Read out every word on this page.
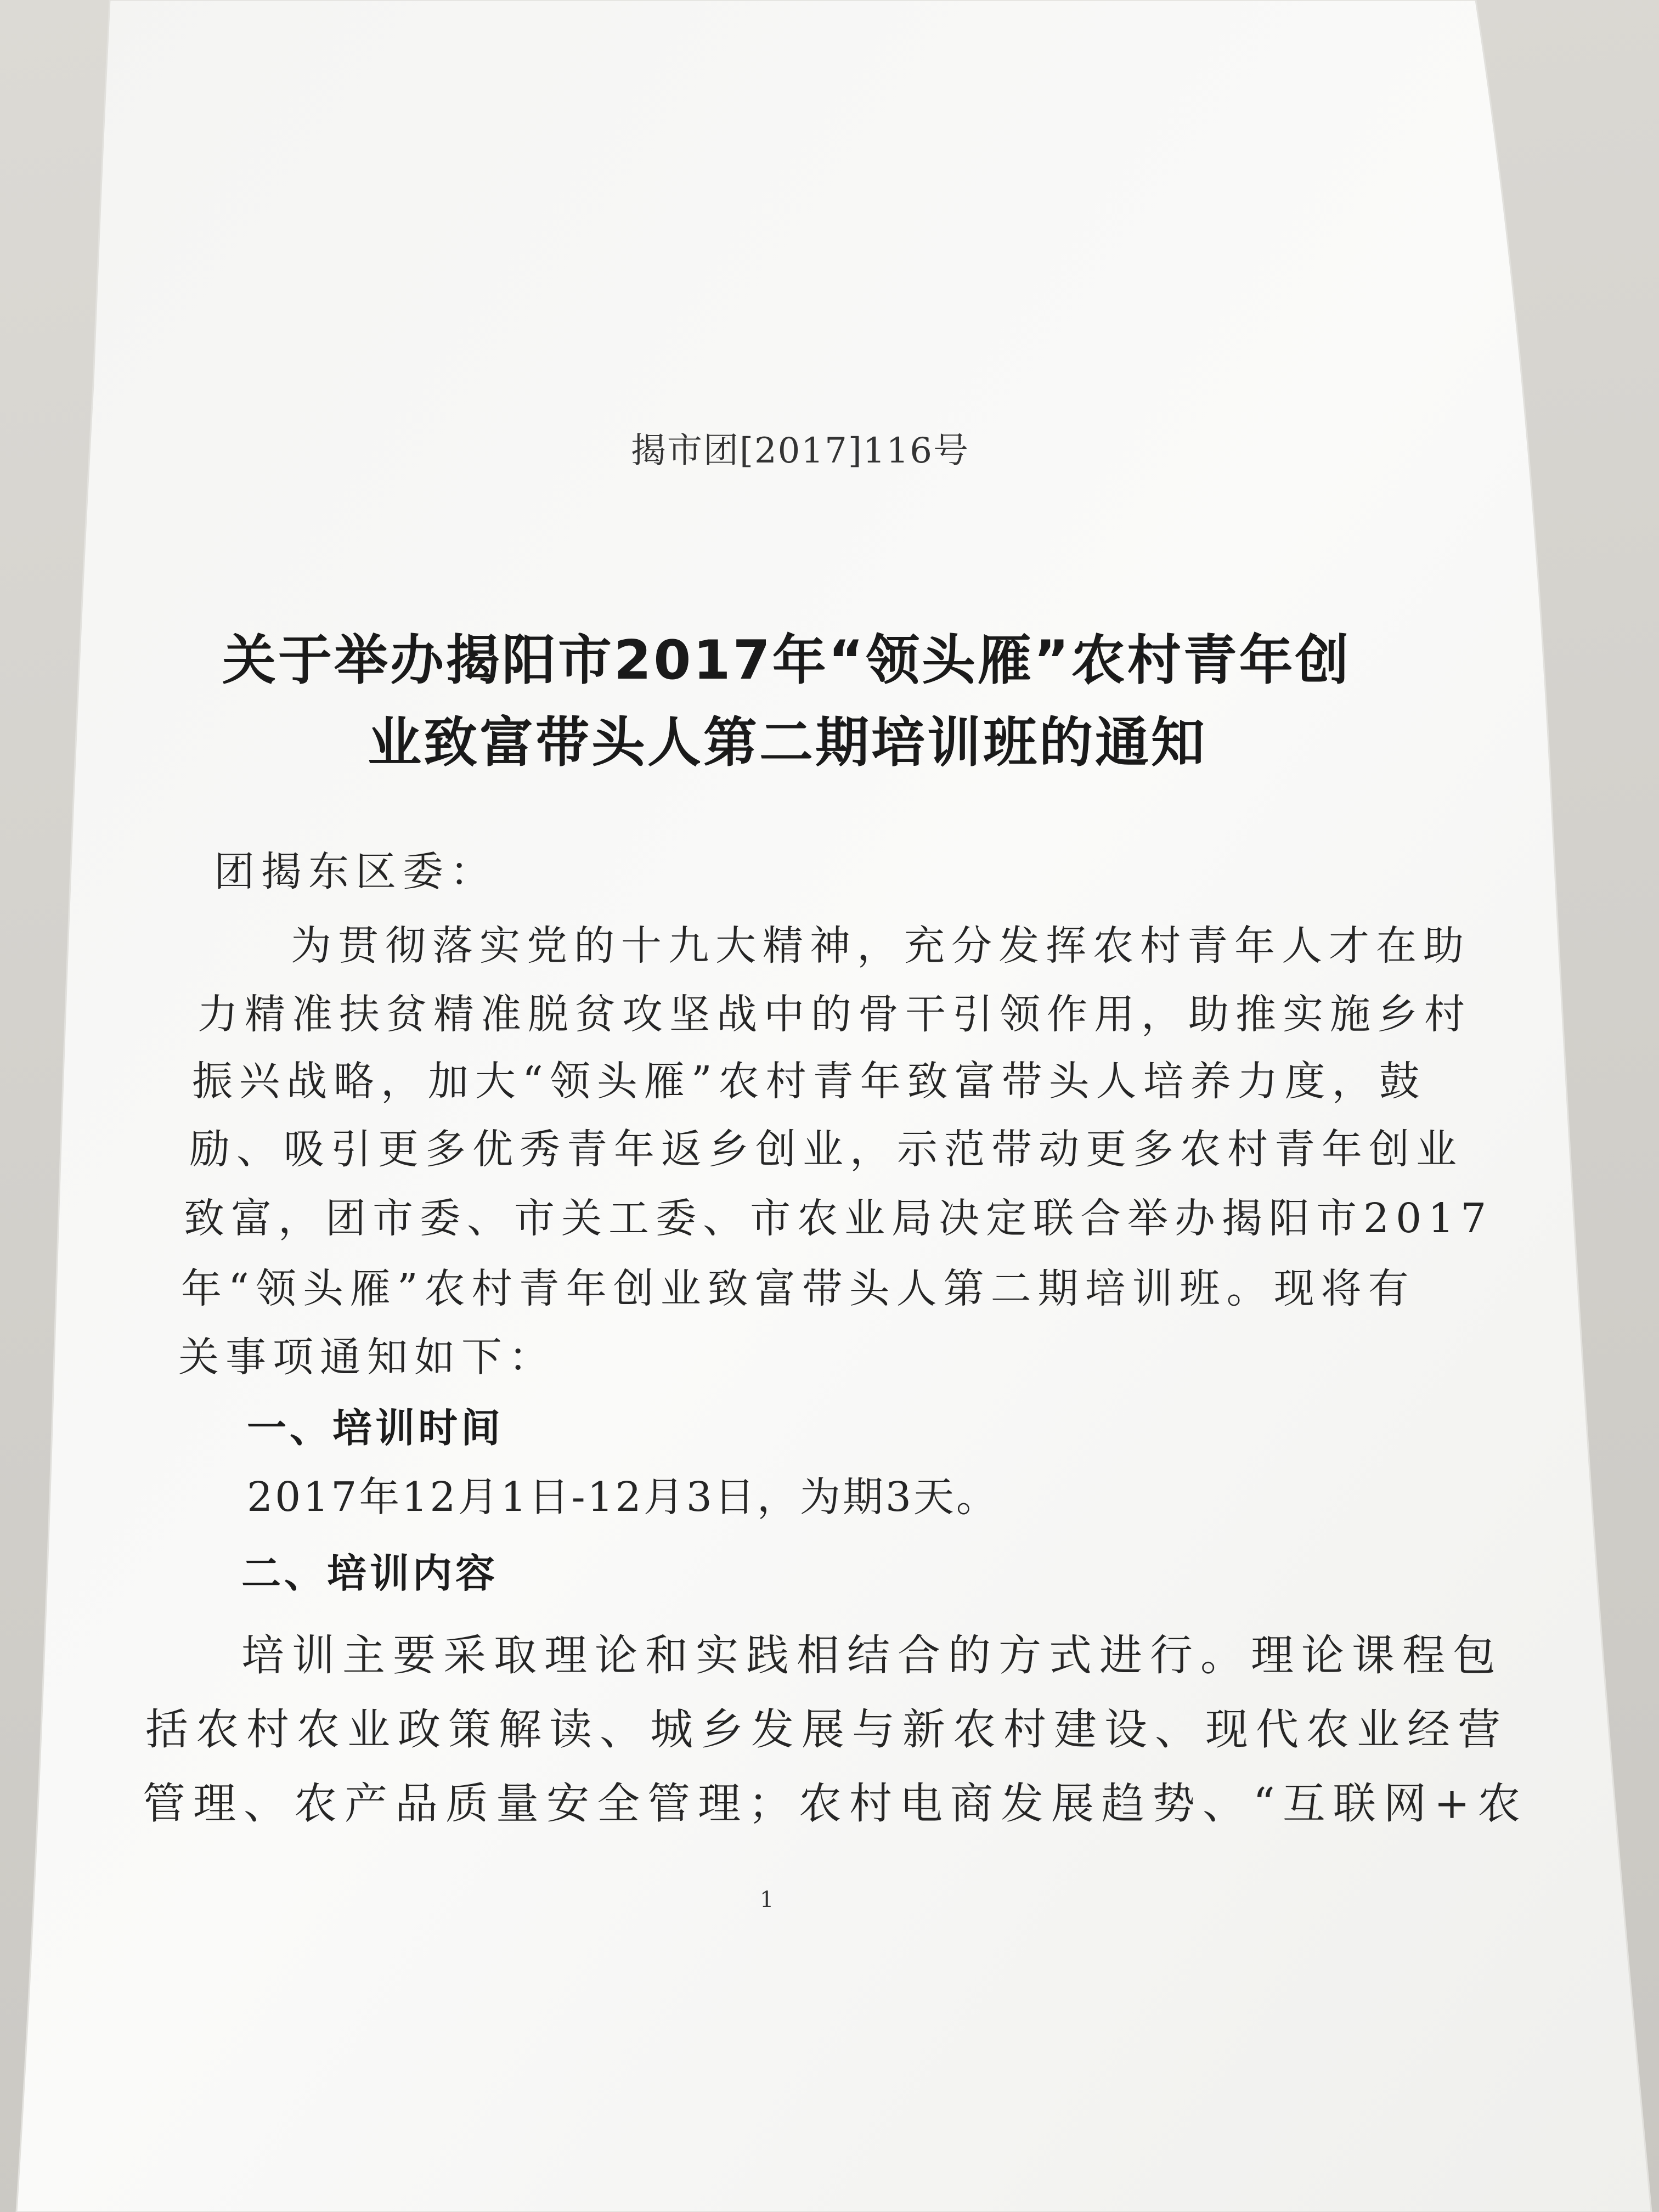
揭市团[2017]116号

关于举办揭阳市2017年“领头雁”农村青年创
业致富带头人第二期培训班的通知

团揭东区委：

为贯彻落实党的十九大精神，充分发挥农村青年人才在助

力精准扶贫精准脱贫攻坚战中的骨干引领作用，助推实施乡村

振兴战略，加大“领头雁”农村青年致富带头人培养力度，鼓

励、吸引更多优秀青年返乡创业，示范带动更多农村青年创业

致富，团市委、市关工委、市农业局决定联合举办揭阳市2017

年“领头雁”农村青年创业致富带头人第二期培训班。现将有

关事项通知如下：

一、培训时间

2017年12月1日-12月3日，为期3天。

二、培训内容

培训主要采取理论和实践相结合的方式进行。理论课程包

括农村农业政策解读、城乡发展与新农村建设、现代农业经营

管理、农产品质量安全管理；农村电商发展趋势、“互联网+农

1
